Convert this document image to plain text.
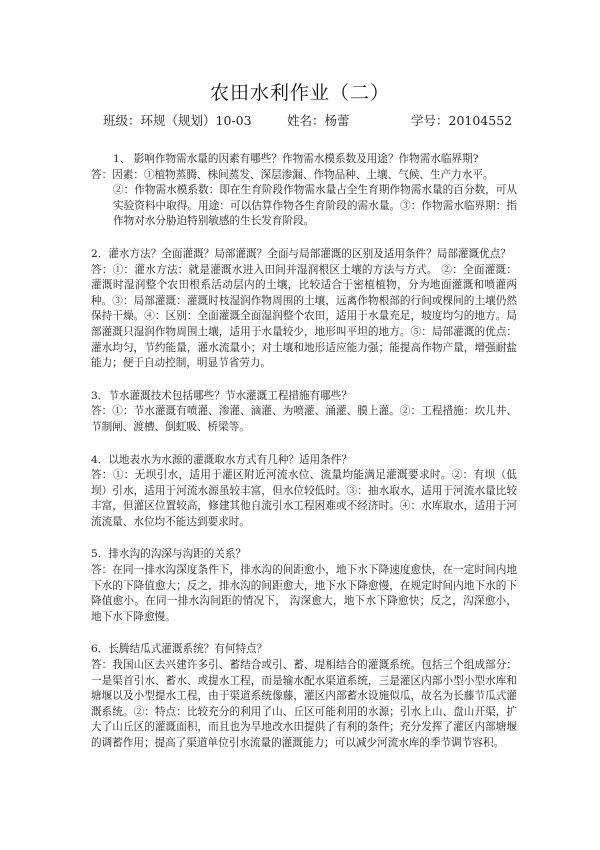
农田水利作业（二）
班级：环规（规划）10-03	姓名：杨蕾	学号：20104552

1、 影响作物需水量的因素有哪些？作物需水模系数及用途？作物需水临界期?

答：因素：①植物蒸腾、株间蒸发、深层渗漏、作物品种、土壤、气候、生产力水平。

②：作物需水模系数：即在生育阶段作物需水量占全生育期作物需水量的百分数，可从实验资料中取得。用途：可以估算作物各生育阶段的需水量。③：作物需水临界期：指作物对水分胁迫特别敏感的生长发育阶段。

2．灌水方法？全面灌溉？局部灌溉？全面与局部灌溉的区别及适用条件？局部灌溉优点？

答：①：灌水方法：就是灌溉水进入田间并湿润根区土壤的方法与方式。 ②：全面灌溉：灌溉时湿润整个农田根系活动层内的土壤，比较适合于密植植物，分为地面灌溉和喷灌两种。③：局部灌溉：灌溉时枝湿润作物周围的土壤，远离作物根部的行间或棵间的土壤仍然保持干燥。④：区别：全面灌溉全面湿润整个农田，适用于水量充足，坡度均匀的地方。局部灌溉只湿润作物周围土壤，适用于水量较少，地形叫平坦的地方。⑤：局部灌溉的优点：灌水均匀，节约能量，灌水流量小；对土壤和地形适应能力强；能提高作物产量，增强耐盐能力；便于自动控制，明显节省劳力。

3．节水灌溉技术包括哪些？节水灌溉工程措施有哪些？

答：①：节水灌溉有喷灌、渗灌、滴灌、为喷灌、涌灌、膜上灌。②：工程措施：坎儿井、节制闸、渡槽、倒虹吸、桥梁等。

4．以地表水为水源的灌溉取水方式有几种？适用条件？

答：①：无坝引水，适用于灌区附近河流水位、流量均能满足灌溉要求时。②：有坝（低坝）引水，适用于河流水源虽较丰富，但水位较低时。③：抽水取水，适用于河流水量比较丰富，但灌区位置较高，修建其他自流引水工程困难或不经济时。④：水库取水，适用于河流流量、水位均不能达到要求时。

5．排水沟的沟深与沟距的关系？

答：在同一排水沟深度条件下，排水沟的间距愈小，地下水下降速度愈快，在一定时间内地下水的下降值愈大；反之，排水沟的间距愈大，地下水下降愈慢，在规定时间内地下水的下降值愈小。在同一排水沟间距的情况下， 沟深愈大，地下水下降愈快；反之，沟深愈小，地下水下降愈慢。

6．长腾结瓜式灌溉系统？有何特点？

答：我国山区去兴建许多引、蓄结合或引、蓄、堤相结合的灌溉系统。包括三个组成部分：一是渠首引水、蓄水、或提水工程，而是输水配水渠道系统，三是灌区内部小型小型水库和塘堰以及小型提水工程，由于渠道系统像藤，灌区内部蓄水设施似瓜，故名为长藤节瓜式灌溉系统。②：特点：比较充分的利用了山、丘区可能利用的水源；引水上山、盘山开渠，扩大了山丘区的灌溉面积，而且也为旱地改水田提供了有利的条件；充分发挥了灌区内部塘堰的调蓄作用；提高了渠道单位引水流量的灌溉能力；可以减少河流水库的季节调节容积。
